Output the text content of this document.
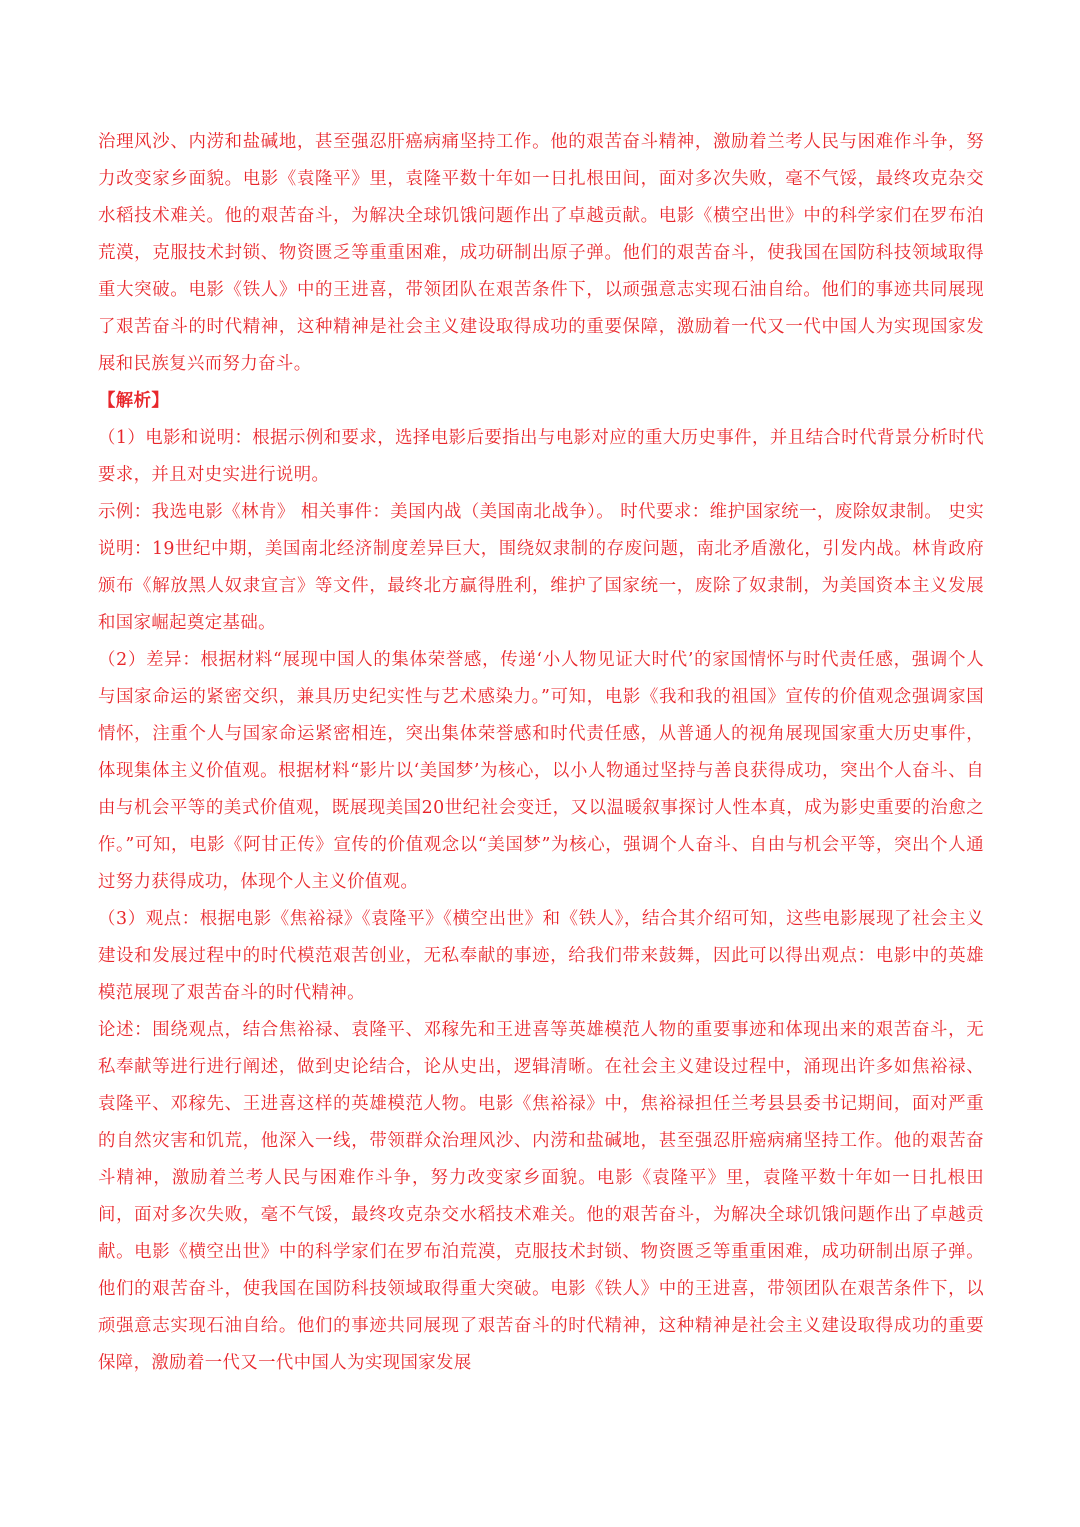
治理风沙、内涝和盐碱地，甚至强忍肝癌病痛坚持工作。他的艰苦奋斗精神，激励着兰考人民与困难作斗争，努力改变家乡面貌。电影《袁隆平》里，袁隆平数十年如一日扎根田间，面对多次失败，毫不气馁，最终攻克杂交水稻技术难关。他的艰苦奋斗，为解决全球饥饿问题作出了卓越贡献。电影《横空出世》中的科学家们在罗布泊荒漠，克服技术封锁、物资匮乏等重重困难，成功研制出原子弹。他们的艰苦奋斗，使我国在国防科技领域取得重大突破。电影《铁人》中的王进喜，带领团队在艰苦条件下，以顽强意志实现石油自给。他们的事迹共同展现了艰苦奋斗的时代精神，这种精神是社会主义建设取得成功的重要保障，激励着一代又一代中国人为实现国家发展和民族复兴而努力奋斗。

【解析】

（1）电影和说明：根据示例和要求，选择电影后要指出与电影对应的重大历史事件，并且结合时代背景分析时代要求，并且对史实进行说明。

示例：我选电影《林肯》 相关事件：美国内战（美国南北战争）。 时代要求：维护国家统一，废除奴隶制。 史实说明：19世纪中期，美国南北经济制度差异巨大，围绕奴隶制的存废问题，南北矛盾激化，引发内战。林肯政府颁布《解放黑人奴隶宣言》等文件，最终北方赢得胜利，维护了国家统一，废除了奴隶制，为美国资本主义发展和国家崛起奠定基础。

（2）差异：根据材料“展现中国人的集体荣誉感，传递‘小人物见证大时代’的家国情怀与时代责任感，强调个人与国家命运的紧密交织，兼具历史纪实性与艺术感染力。”可知，电影《我和我的祖国》宣传的价值观念强调家国情怀，注重个人与国家命运紧密相连，突出集体荣誉感和时代责任感，从普通人的视角展现国家重大历史事件，体现集体主义价值观。根据材料“影片以‘美国梦’为核心，以小人物通过坚持与善良获得成功，突出个人奋斗、自由与机会平等的美式价值观，既展现美国20世纪社会变迁，又以温暖叙事探讨人性本真，成为影史重要的治愈之作。”可知，电影《阿甘正传》宣传的价值观念以“美国梦”为核心，强调个人奋斗、自由与机会平等，突出个人通过努力获得成功，体现个人主义价值观。

（3）观点：根据电影《焦裕禄》《袁隆平》《横空出世》和《铁人》，结合其介绍可知，这些电影展现了社会主义建设和发展过程中的时代模范艰苦创业，无私奉献的事迹，给我们带来鼓舞，因此可以得出观点：电影中的英雄模范展现了艰苦奋斗的时代精神。

论述：围绕观点，结合焦裕禄、袁隆平、邓稼先和王进喜等英雄模范人物的重要事迹和体现出来的艰苦奋斗，无私奉献等进行进行阐述，做到史论结合，论从史出，逻辑清晰。在社会主义建设过程中，涌现出许多如焦裕禄、袁隆平、邓稼先、王进喜这样的英雄模范人物。电影《焦裕禄》中，焦裕禄担任兰考县县委书记期间，面对严重的自然灾害和饥荒，他深入一线，带领群众治理风沙、内涝和盐碱地，甚至强忍肝癌病痛坚持工作。他的艰苦奋斗精神，激励着兰考人民与困难作斗争，努力改变家乡面貌。电影《袁隆平》里，袁隆平数十年如一日扎根田间，面对多次失败，毫不气馁，最终攻克杂交水稻技术难关。他的艰苦奋斗，为解决全球饥饿问题作出了卓越贡献。电影《横空出世》中的科学家们在罗布泊荒漠，克服技术封锁、物资匮乏等重重困难，成功研制出原子弹。他们的艰苦奋斗，使我国在国防科技领域取得重大突破。电影《铁人》中的王进喜，带领团队在艰苦条件下，以顽强意志实现石油自给。他们的事迹共同展现了艰苦奋斗的时代精神，这种精神是社会主义建设取得成功的重要保障，激励着一代又一代中国人为实现国家发展
